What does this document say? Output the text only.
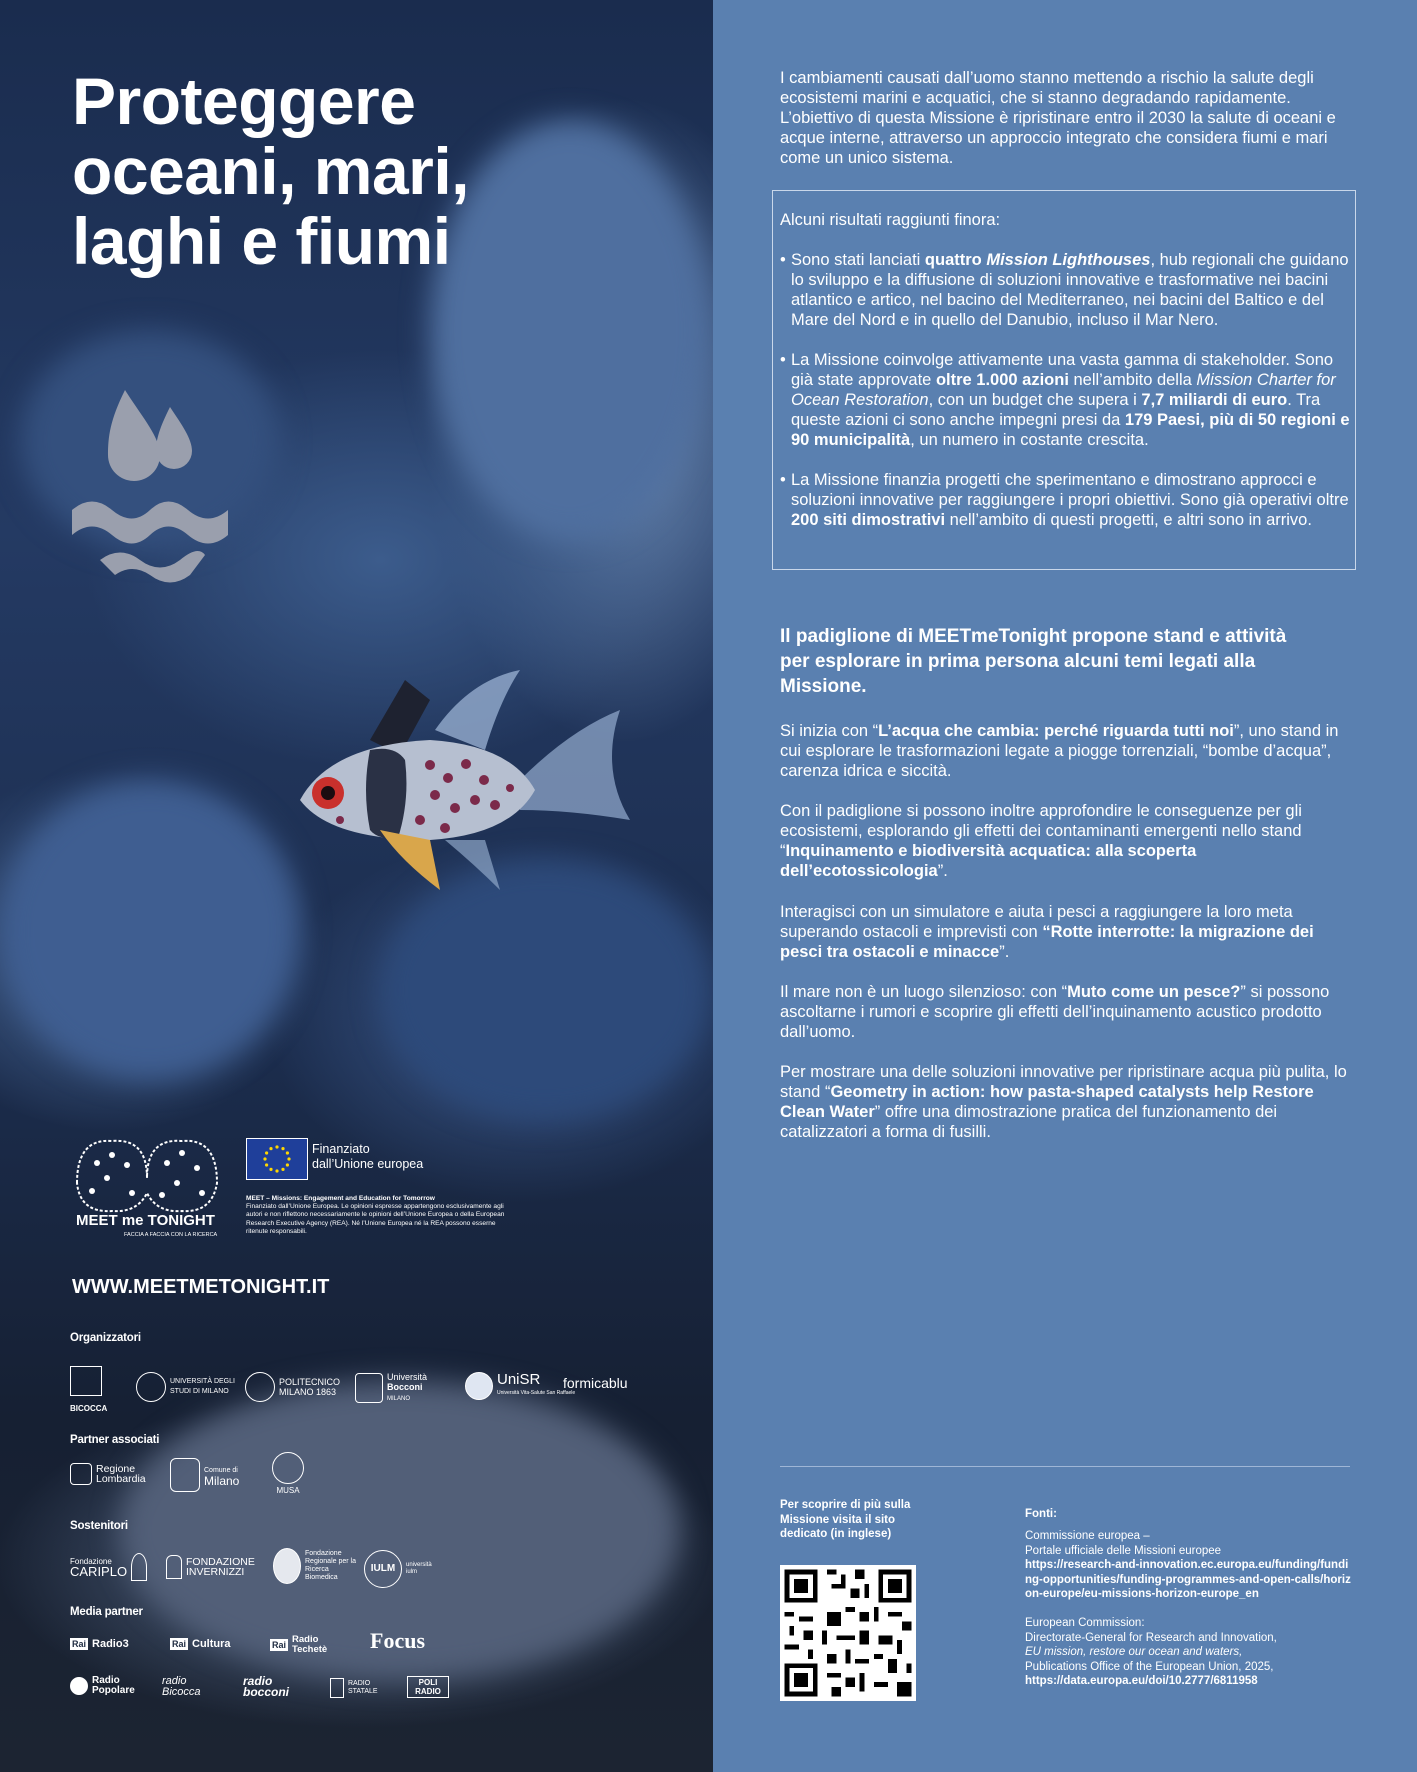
Proteggere oceani, mari, laghi e fiumi

MEET me TONIGHT

FACCIA A FACCIA CON LA RICERCA

Finanziato
dall’Unione europea

MEET – Missions: Engagement and Education for Tomorrow
Finanziato dall’Unione Europea. Le opinioni espresse appartengono esclusivamente agli autori e non riflettono necessariamente le opinioni dell’Unione Europea o della European Research Executive Agency (REA). Né l’Unione Europea né la REA possono esserne ritenute responsabili.

WWW.MEETMETONIGHT.IT

Organizzatori

BICOCCA
UNIVERSITÀ DEGLI STUDI DI MILANO
POLITECNICO
MILANO 1863
Università
Bocconi
MILANO
UniSR
Università Vita-Salute San Raffaele
formicablu

Partner associati

Regione
Lombardia
Comune di
Milano
MUSA

Sostenitori

Fondazione
CARIPLO
FONDAZIONE
INVERNIZZI
Fondazione Regionale per la Ricerca Biomedica
IULM	università iulm

Media partner

Rai Radio3	Rai Cultura	Rai Radio Techetè	Focus
Radio Popolare
radio Bicocca
radio bocconi
RADIO STATALE
POLI RADIO

I cambiamenti causati dall’uomo stanno mettendo a rischio la salute degli ecosistemi marini e acquatici, che si stanno degradando rapidamente. L’obiettivo di questa Missione è ripristinare entro il 2030 la salute di oceani e acque interne, attraverso un approccio integrato che considera fiumi e mari come un unico sistema.

Alcuni risultati raggiunti finora:

• Sono stati lanciati quattro Mission Lighthouses, hub regionali che guidano lo sviluppo e la diffusione di soluzioni innovative e trasformative nei bacini atlantico e artico, nel bacino del Mediterraneo, nei bacini del Baltico e del Mare del Nord e in quello del Danubio, incluso il Mar Nero.

• La Missione coinvolge attivamente una vasta gamma di stakeholder. Sono già state approvate oltre 1.000 azioni nell’ambito della Mission Charter for Ocean Restoration, con un budget che supera i 7,7 miliardi di euro. Tra queste azioni ci sono anche impegni presi da 179 Paesi, più di 50 regioni e 90 municipalità, un numero in costante crescita.

• La Missione finanzia progetti che sperimentano e dimostrano approcci e soluzioni innovative per raggiungere i propri obiettivi. Sono già operativi oltre 200 siti dimostrativi nell’ambito di questi progetti, e altri sono in arrivo.

Il padiglione di MEETmeTonight propone stand e attività per esplorare in prima persona alcuni temi legati alla Missione.

Si inizia con “L’acqua che cambia: perché riguarda tutti noi”, uno stand in cui esplorare le trasformazioni legate a piogge torrenziali, “bombe d’acqua”, carenza idrica e siccità.

Con il padiglione si possono inoltre approfondire le conseguenze per gli ecosistemi, esplorando gli effetti dei contaminanti emergenti nello stand “Inquinamento e biodiversità acquatica: alla scoperta dell’ecotossicologia”.

Interagisci con un simulatore e aiuta i pesci a raggiungere la loro meta superando ostacoli e imprevisti con “Rotte interrotte: la migrazione dei pesci tra ostacoli e minacce”.

Il mare non è un luogo silenzioso: con “Muto come un pesce?” si possono ascoltarne i rumori e scoprire gli effetti dell’inquinamento acustico prodotto dall’uomo.

Per mostrare una delle soluzioni innovative per ripristinare acqua più pulita, lo stand “Geometry in action: how pasta-shaped catalysts help Restore Clean Water” offre una dimostrazione pratica del funzionamento dei catalizzatori a forma di fusilli.

Per scoprire di più sulla Missione visita il sito dedicato (in inglese)

Fonti:

Commissione europea –
Portale ufficiale delle Missioni europee
https://research-and-innovation.ec.europa.eu/funding/funding-opportunities/funding-programmes-and-open-calls/horizon-europe/eu-missions-horizon-europe_en

European Commission:
Directorate-General for Research and Innovation,
EU mission, restore our ocean and waters,
Publications Office of the European Union, 2025,
https://data.europa.eu/doi/10.2777/6811958
